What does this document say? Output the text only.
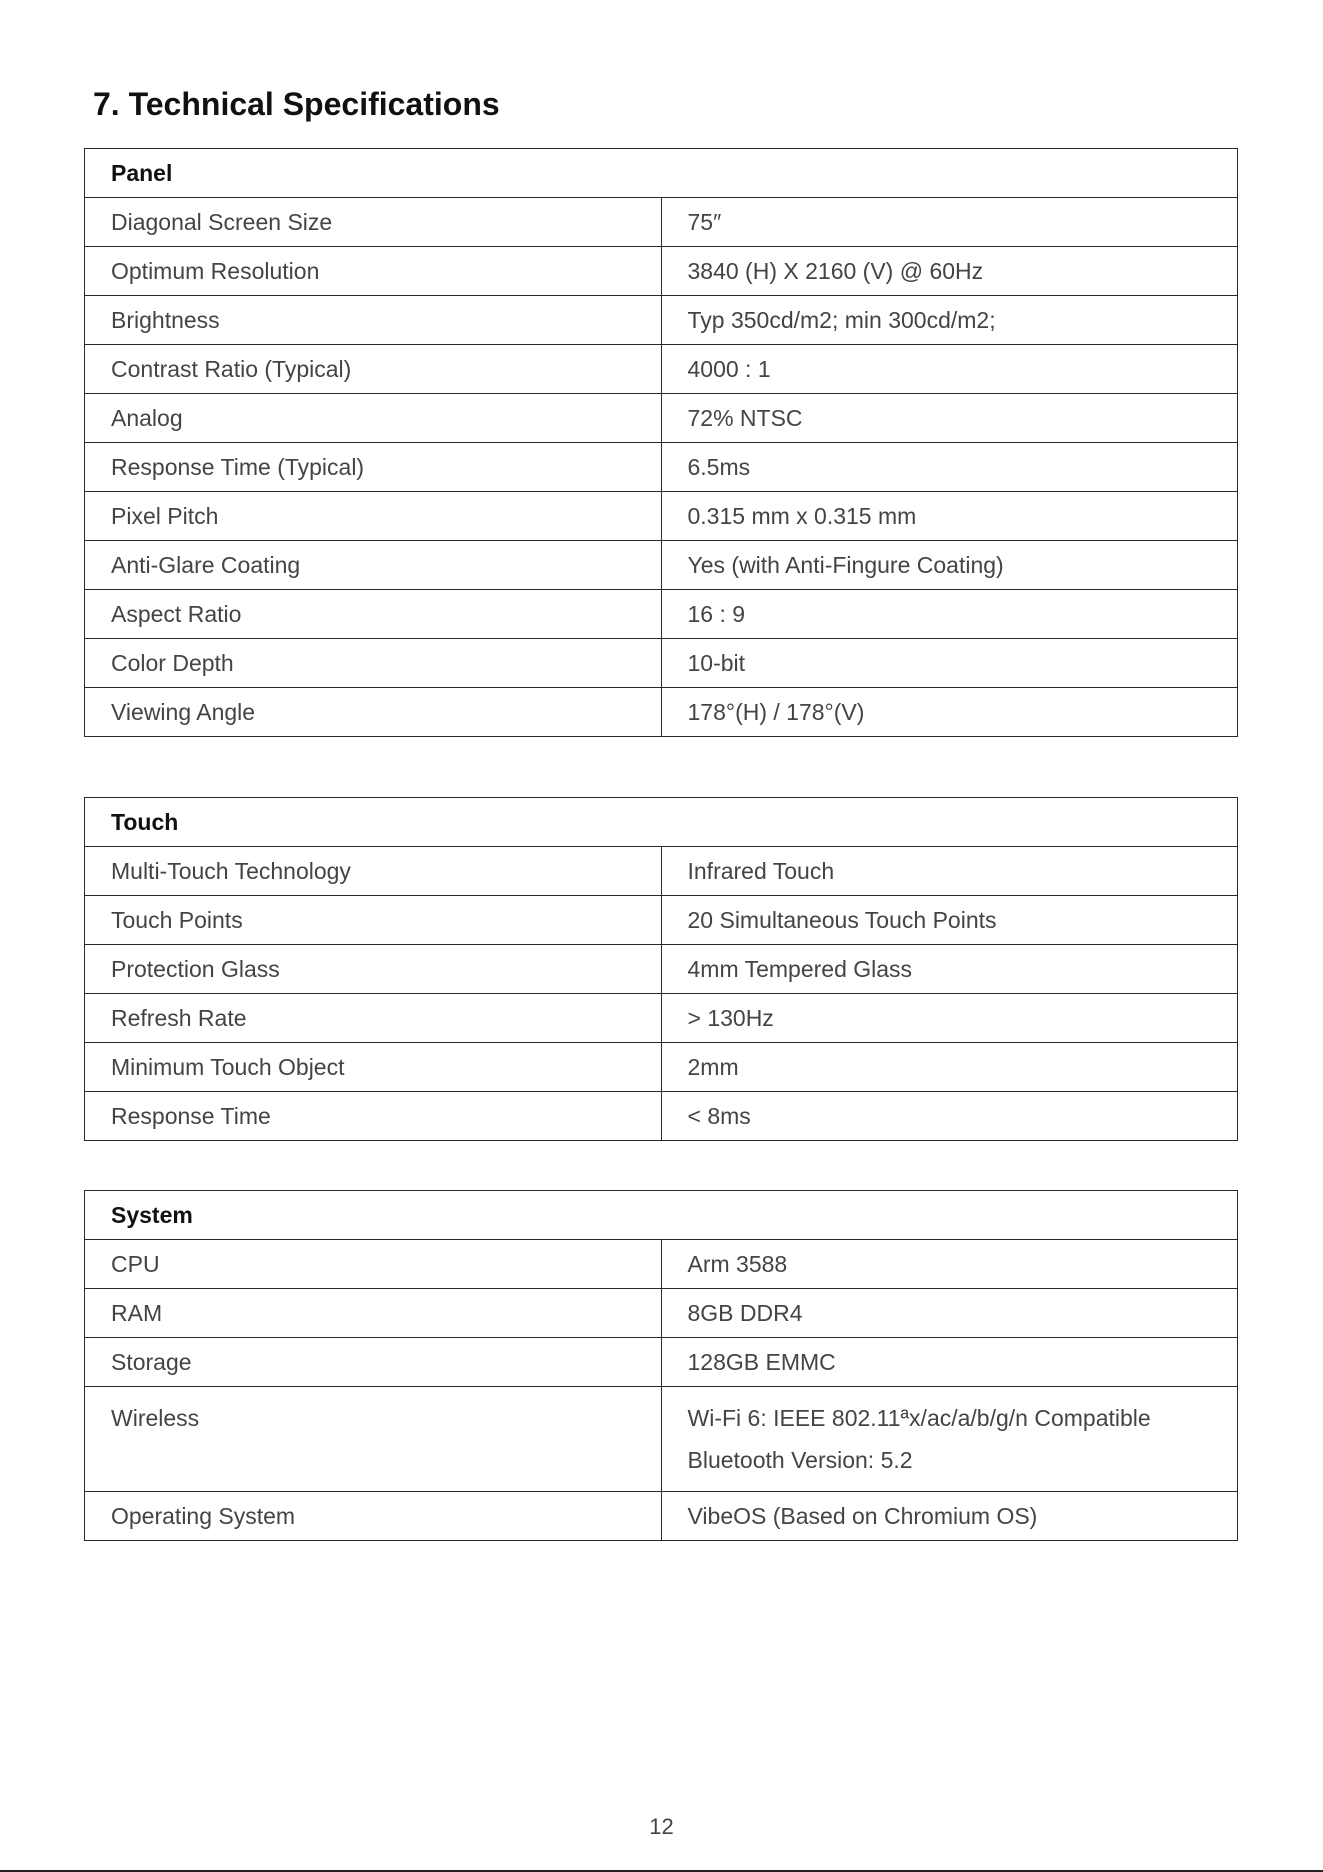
7. Technical Specifications
Panel	
Diagonal Screen Size	75″
Optimum Resolution	3840 (H) X 2160 (V) @ 60Hz
Brightness	Typ 350cd/m2; min 300cd/m2;
Contrast Ratio (Typical)	4000 : 1
Analog	72% NTSC
Response Time (Typical)	6.5ms
Pixel Pitch	0.315 mm x 0.315 mm
Anti-Glare Coating	Yes (with Anti-Fingure Coating)
Aspect Ratio	16 : 9
Color Depth	10-bit
Viewing Angle	178°(H) / 178°(V)
Touch	
Multi-Touch Technology	Infrared Touch
Touch Points	20 Simultaneous Touch Points
Protection Glass	4mm Tempered Glass
Refresh Rate	> 130Hz
Minimum Touch Object	2mm
Response Time	< 8ms
System	
CPU	Arm 3588
RAM	8GB DDR4
Storage	128GB EMMC
Wireless	Wi-Fi 6: IEEE 802.11ªx/ac/a/b/g/n Compatible
Bluetooth Version: 5.2

Operating System	VibeOS (Based on Chromium OS)
12
